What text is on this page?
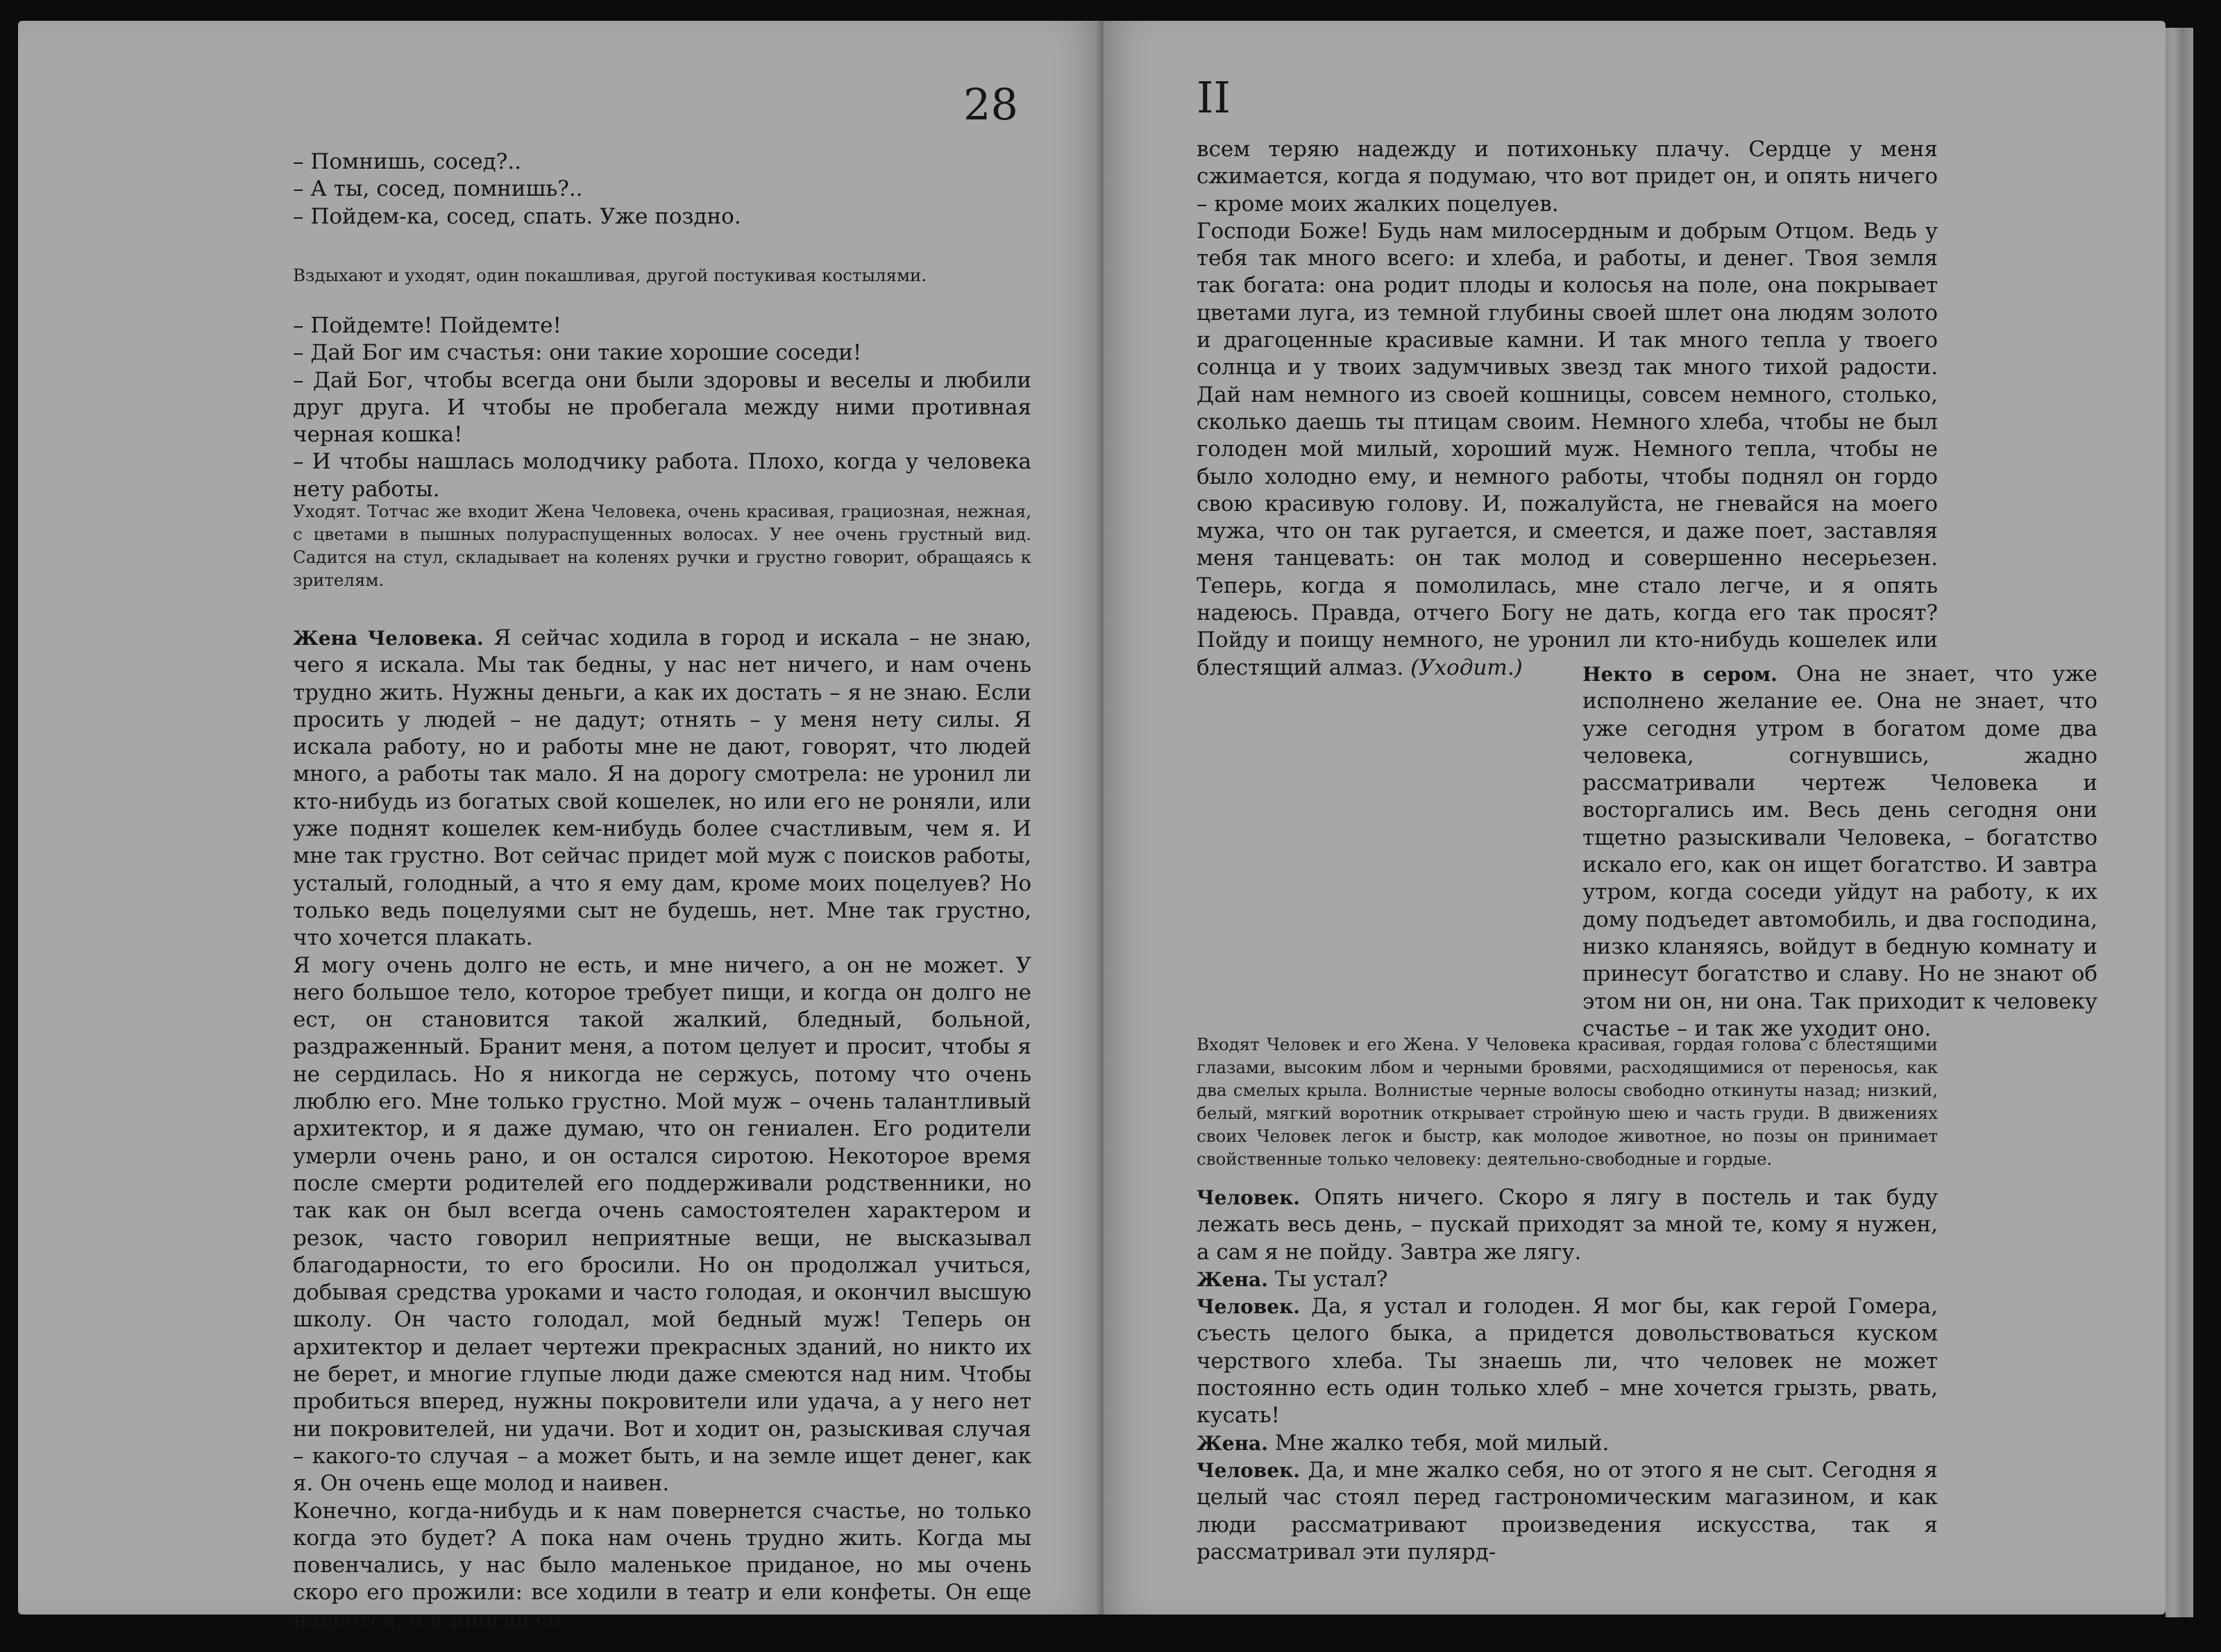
28

– Помнишь, сосед?..

– А ты, сосед, помнишь?..

– Пойдем-ка, сосед, спать. Уже поздно.

Вздыхают и уходят, один покашливая, другой постукивая костылями.

– Пойдемте! Пойдемте!

– Дай Бог им счастья: они такие хорошие соседи!

– Дай Бог, чтобы всегда они были здоровы и веселы и любили друг друга. И чтобы не пробегала между ними противная черная кошка!

– И чтобы нашлась молодчику работа. Плохо, когда у человека нету работы.

Уходят. Тотчас же входит Жена Человека, очень красивая, грациозная, нежная, с цветами в пышных полураспущенных волосах. У нее очень грустный вид. Садится на стул, складывает на коленях ручки и грустно говорит, обращаясь к зрителям.

Жена Человека. Я сейчас ходила в город и искала – не знаю, чего я искала. Мы так бедны, у нас нет ничего, и нам очень трудно жить. Нужны деньги, а как их достать – я не знаю. Если просить у людей – не дадут; отнять – у меня нету силы. Я искала работу, но и работы мне не дают, говорят, что людей много, а работы так мало. Я на дорогу смотрела: не уронил ли кто-нибудь из богатых свой кошелек, но или его не роняли, или уже поднят кошелек кем-нибудь более счастливым, чем я. И мне так грустно. Вот сейчас придет мой муж с поисков работы, усталый, голодный, а что я ему дам, кроме моих поцелуев? Но только ведь поцелуями сыт не будешь, нет. Мне так грустно, что хочется плакать.

Я могу очень долго не есть, и мне ничего, а он не может. У него большое тело, которое требует пищи, и когда он долго не ест, он становится такой жалкий, бледный, больной, раздраженный. Бранит меня, а потом целует и просит, чтобы я не сердилась. Но я никогда не сержусь, потому что очень люблю его. Мне только грустно. Мой муж – очень талантливый архитектор, и я даже думаю, что он гениален. Его родители умерли очень рано, и он остался сиротою. Некоторое время после смерти родителей его поддерживали родственники, но так как он был всегда очень самостоятелен характером и резок, часто говорил неприятные вещи, не высказывал благодарности, то его бросили. Но он продолжал учиться, добывая средства уроками и часто голодая, и окончил высшую школу. Он часто голодал, мой бедный муж! Теперь он архитектор и делает чертежи прекрасных зданий, но никто их не берет, и многие глупые люди даже смеются над ним. Чтобы пробиться вперед, нужны покровители или удача, а у него нет ни покровителей, ни удачи. Вот и ходит он, разыскивая случая – какого-то случая – а может быть, и на земле ищет денег, как я. Он очень еще молод и наивен.

Конечно, когда-нибудь и к нам повернется счастье, но только когда это будет? А пока нам очень трудно жить. Когда мы повенчались, у нас было маленькое приданое, но мы очень скоро его прожили: все ходили в театр и ели конфеты. Он еще надеется, а я иногда со-

II

всем теряю надежду и потихоньку плачу. Сердце у меня сжимается, когда я подумаю, что вот придет он, и опять ничего – кроме моих жалких поцелуев.

Господи Боже! Будь нам милосердным и добрым Отцом. Ведь у тебя так много всего: и хлеба, и работы, и денег. Твоя земля так богата: она родит плоды и колосья на поле, она покрывает цветами луга, из темной глубины своей шлет она людям золото и драгоценные красивые камни. И так много тепла у твоего солнца и у твоих задумчивых звезд так много тихой радости. Дай нам немного из своей кошницы, совсем немного, столько, сколько даешь ты птицам своим. Немного хлеба, чтобы не был голоден мой милый, хороший муж. Немного тепла, чтобы не было холодно ему, и немного работы, чтобы поднял он гордо свою красивую голову. И, пожалуйста, не гневайся на моего мужа, что он так ругается, и смеется, и даже поет, заставляя меня танцевать: он так молод и совершенно несерьезен. Теперь, когда я помолилась, мне стало легче, и я опять надеюсь. Правда, отчего Богу не дать, когда его так просят? Пойду и поищу немного, не уронил ли кто-нибудь кошелек или блестящий алмаз. (Уходит.)	Некто в сером. Она не знает, что уже исполнено желание ее. Она не знает, что уже сегодня утром в богатом доме два человека, согнувшись, жадно рассматривали чертеж Человека и восторгались им. Весь день сегодня они тщетно разыскивали Человека, – богатство искало его, как он ищет богатство. И завтра утром, когда соседи уйдут на работу, к их дому подъедет автомобиль, и два господина, низко кланяясь, войдут в бедную комнату и принесут богатство и славу. Но не знают об этом ни он, ни она. Так приходит к человеку счастье – и так же уходит оно.

Входят Человек и его Жена. У Человека красивая, гордая голова с блестящими глазами, высоким лбом и черными бровями, расходящимися от переносья, как два смелых крыла. Волнистые черные волосы свободно откинуты назад; низкий, белый, мягкий воротник открывает стройную шею и часть груди. В движениях своих Человек легок и быстр, как молодое животное, но позы он принимает свойственные только человеку: деятельно-свободные и гордые.

Человек. Опять ничего. Скоро я лягу в постель и так буду лежать весь день, – пускай приходят за мной те, кому я нужен, а сам я не пойду. Завтра же лягу.

Жена. Ты устал?

Человек. Да, я устал и голоден. Я мог бы, как герой Гомера, съесть целого быка, а придется довольствоваться куском черствого хлеба. Ты знаешь ли, что человек не может постоянно есть один только хлеб – мне хочется грызть, рвать, кусать!

Жена. Мне жалко тебя, мой милый.

Человек. Да, и мне жалко себя, но от этого я не сыт. Сегодня я целый час стоял перед гастрономическим магазином, и как люди рассматривают произведения искусства, так я рассматривал эти пулярд-
